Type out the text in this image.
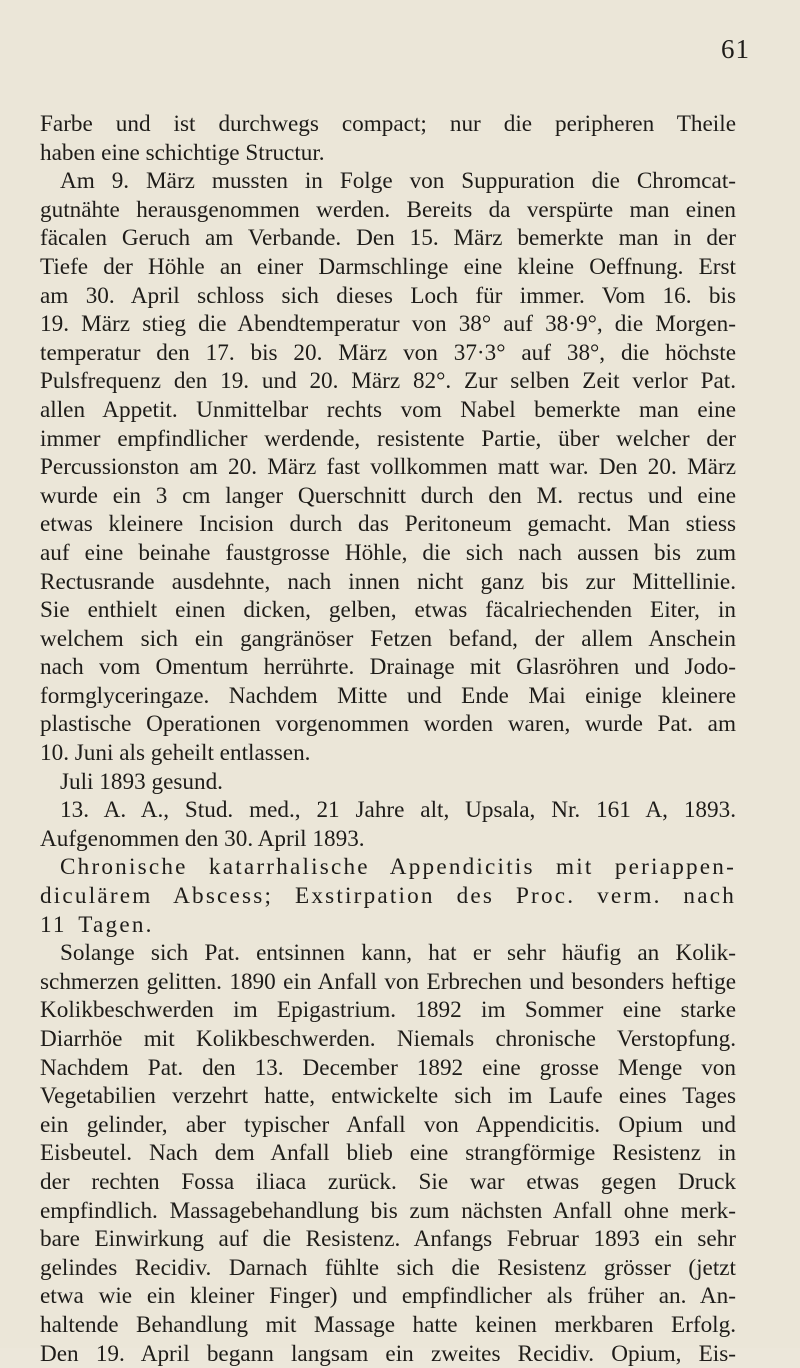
61
Farbe und ist durchwegs compact; nur die peripheren Theile
haben eine schichtige Structur.
Am 9. März mussten in Folge von Suppuration die Chromcat-
gutnähte herausgenommen werden. Bereits da verspürte man einen
fäcalen Geruch am Verbande. Den 15. März bemerkte man in der
Tiefe der Höhle an einer Darmschlinge eine kleine Oeffnung. Erst
am 30. April schloss sich dieses Loch für immer. Vom 16. bis
19. März stieg die Abendtemperatur von 38° auf 38·9°, die Morgen-
temperatur den 17. bis 20. März von 37·3° auf 38°, die höchste
Pulsfrequenz den 19. und 20. März 82°. Zur selben Zeit verlor Pat.
allen Appetit. Unmittelbar rechts vom Nabel bemerkte man eine
immer empfindlicher werdende, resistente Partie, über welcher der
Percussionston am 20. März fast vollkommen matt war. Den 20. März
wurde ein 3 cm langer Querschnitt durch den M. rectus und eine
etwas kleinere Incision durch das Peritoneum gemacht. Man stiess
auf eine beinahe faustgrosse Höhle, die sich nach aussen bis zum
Rectusrande ausdehnte, nach innen nicht ganz bis zur Mittellinie.
Sie enthielt einen dicken, gelben, etwas fäcalriechenden Eiter, in
welchem sich ein gangränöser Fetzen befand, der allem Anschein
nach vom Omentum herrührte. Drainage mit Glasröhren und Jodo-
formglyceringaze. Nachdem Mitte und Ende Mai einige kleinere
plastische Operationen vorgenommen worden waren, wurde Pat. am
10. Juni als geheilt entlassen.
Juli 1893 gesund.
13. A. A., Stud. med., 21 Jahre alt, Upsala, Nr. 161 A, 1893.
Aufgenommen den 30. April 1893.
Chronische katarrhalische Appendicitis mit periappen-
diculärem Abscess; Exstirpation des Proc. verm. nach
11 Tagen.
Solange sich Pat. entsinnen kann, hat er sehr häufig an Kolik-
schmerzen gelitten. 1890 ein Anfall von Erbrechen und besonders heftige
Kolikbeschwerden im Epigastrium. 1892 im Sommer eine starke
Diarrhöe mit Kolikbeschwerden. Niemals chronische Verstopfung.
Nachdem Pat. den 13. December 1892 eine grosse Menge von
Vegetabilien verzehrt hatte, entwickelte sich im Laufe eines Tages
ein gelinder, aber typischer Anfall von Appendicitis. Opium und
Eisbeutel. Nach dem Anfall blieb eine strangförmige Resistenz in
der rechten Fossa iliaca zurück. Sie war etwas gegen Druck
empfindlich. Massagebehandlung bis zum nächsten Anfall ohne merk-
bare Einwirkung auf die Resistenz. Anfangs Februar 1893 ein sehr
gelindes Recidiv. Darnach fühlte sich die Resistenz grösser (jetzt
etwa wie ein kleiner Finger) und empfindlicher als früher an. An-
haltende Behandlung mit Massage hatte keinen merkbaren Erfolg.
Den 19. April begann langsam ein zweites Recidiv. Opium, Eis-
